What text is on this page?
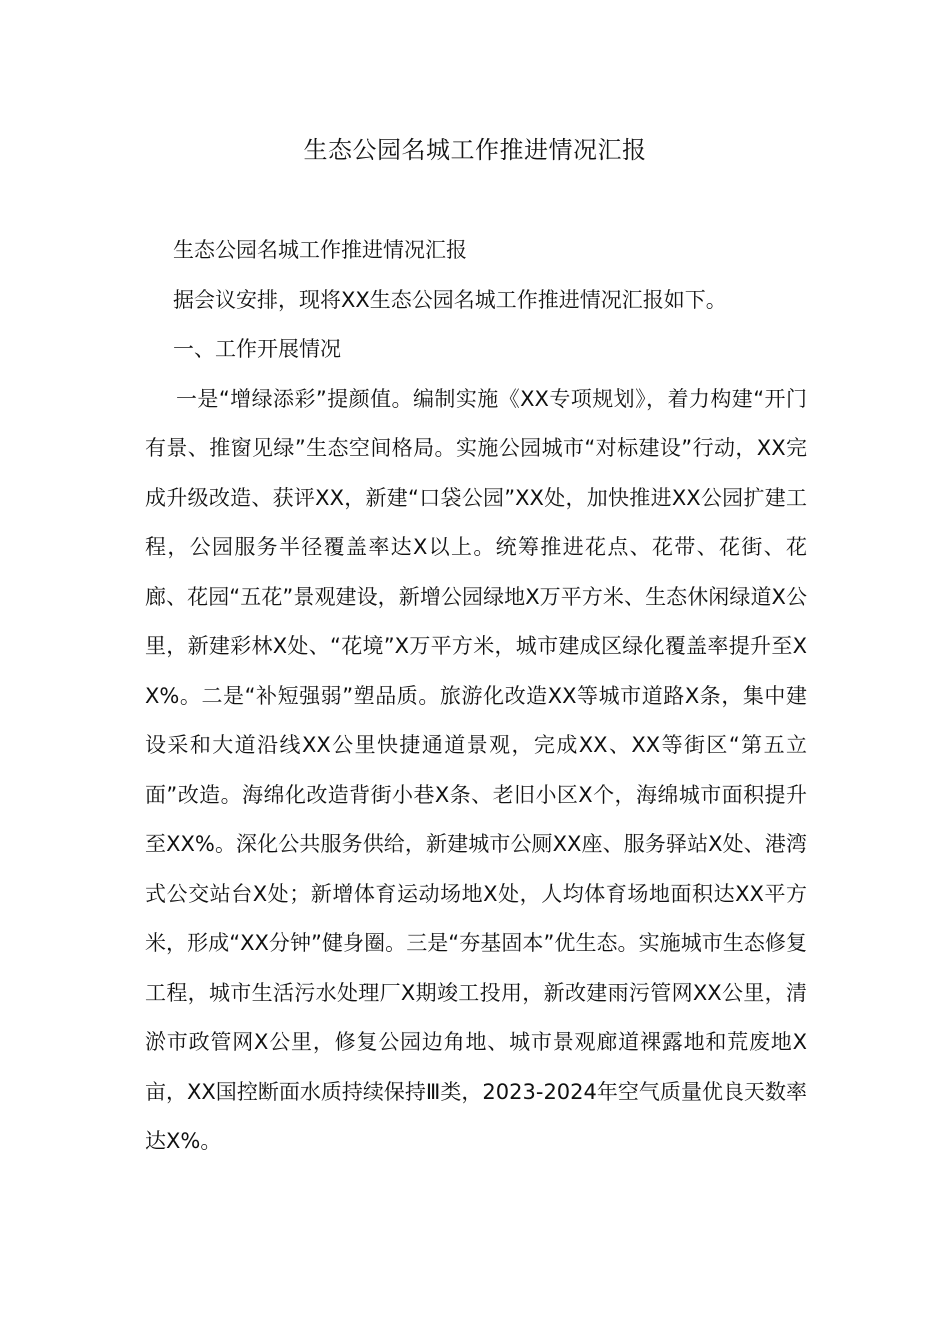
生态公园名城工作推进情况汇报

生态公园名城工作推进情况汇报

据会议安排，现将XX生态公园名城工作推进情况汇报如下。

一、工作开展情况

一是“增绿添彩”提颜值。编制实施《XX专项规划》，着力构建“开门有景、推窗见绿”生态空间格局。实施公园城市“对标建设”行动，XX完成升级改造、获评XX，新建“口袋公园”XX处，加快推进XX公园扩建工程，公园服务半径覆盖率达X以上。统筹推进花点、花带、花街、花廊、花园“五花”景观建设，新增公园绿地X万平方米、生态休闲绿道X公里，新建彩林X处、“花境”X万平方米，城市建成区绿化覆盖率提升至XX%。二是“补短强弱”塑品质。旅游化改造XX等城市道路X条，集中建设采和大道沿线XX公里快捷通道景观，完成XX、XX等街区“第五立面”改造。海绵化改造背街小巷X条、老旧小区X个，海绵城市面积提升至XX%。深化公共服务供给，新建城市公厕XX座、服务驿站X处、港湾式公交站台X处；新增体育运动场地X处，人均体育场地面积达XX平方米，形成“XX分钟”健身圈。三是“夯基固本”优生态。实施城市生态修复工程，城市生活污水处理厂X期竣工投用，新改建雨污管网XX公里，清淤市政管网X公里，修复公园边角地、城市景观廊道裸露地和荒废地X亩，XX国控断面水质持续保持Ⅲ类，2023-2024年空气质量优良天数率达X%。
